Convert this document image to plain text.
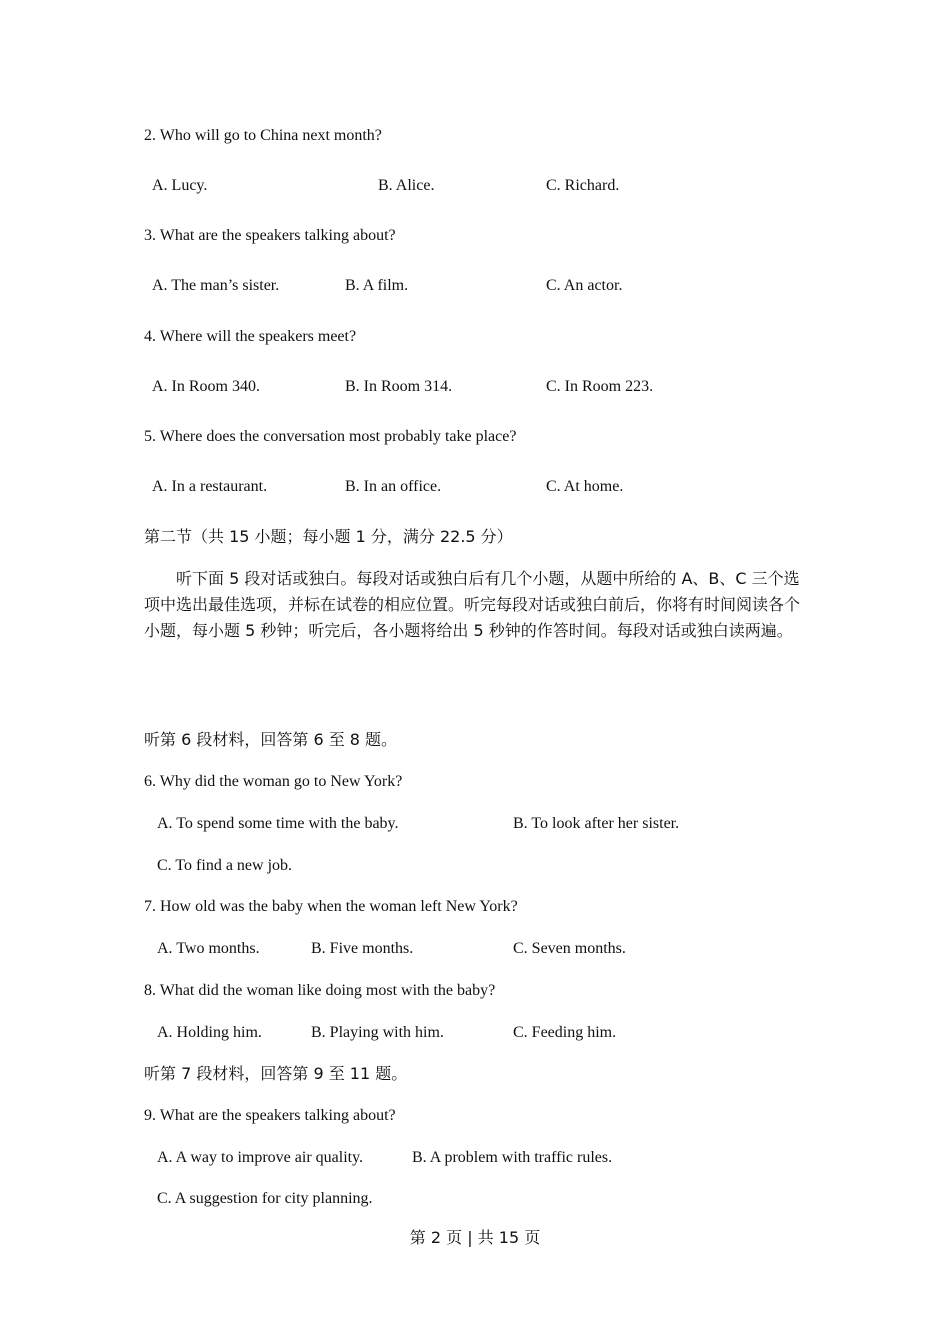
2. Who will go to China next month?
A. Lucy.	B. Alice.	C. Richard.
3. What are the speakers talking about?
A. The man’s sister.	B. A film.	C. An actor.
4. Where will the speakers meet?
A. In Room 340.	B. In Room 314.	C. In Room 223.
5. Where does the conversation most probably take place?
A. In a restaurant.	B. In an office.	C. At home.
第二节（共 15 小题；每小题 1 分，满分 22.5 分）
听下面 5 段对话或独白。每段对话或独白后有几个小题，从题中所给的 A、B、C 三个选项中选出最佳选项，并标在试卷的相应位置。听完每段对话或独白前后，你将有时间阅读各个小题，每小题 5 秒钟；听完后，各小题将给出 5 秒钟的作答时间。每段对话或独白读两遍。
听第 6 段材料，回答第 6 至 8 题。
6. Why did the woman go to New York?
A. To spend some time with the baby.	B. To look after her sister.
C. To find a new job.
7. How old was the baby when the woman left New York?
A. Two months.	B. Five months.	C. Seven months.
8. What did the woman like doing most with the baby?
A. Holding him.	B. Playing with him.	C. Feeding him.
听第 7 段材料，回答第 9 至 11 题。
9. What are the speakers talking about?
A. A way to improve air quality.	B. A problem with traffic rules.
C. A suggestion for city planning.
第 2 页 | 共 15 页
